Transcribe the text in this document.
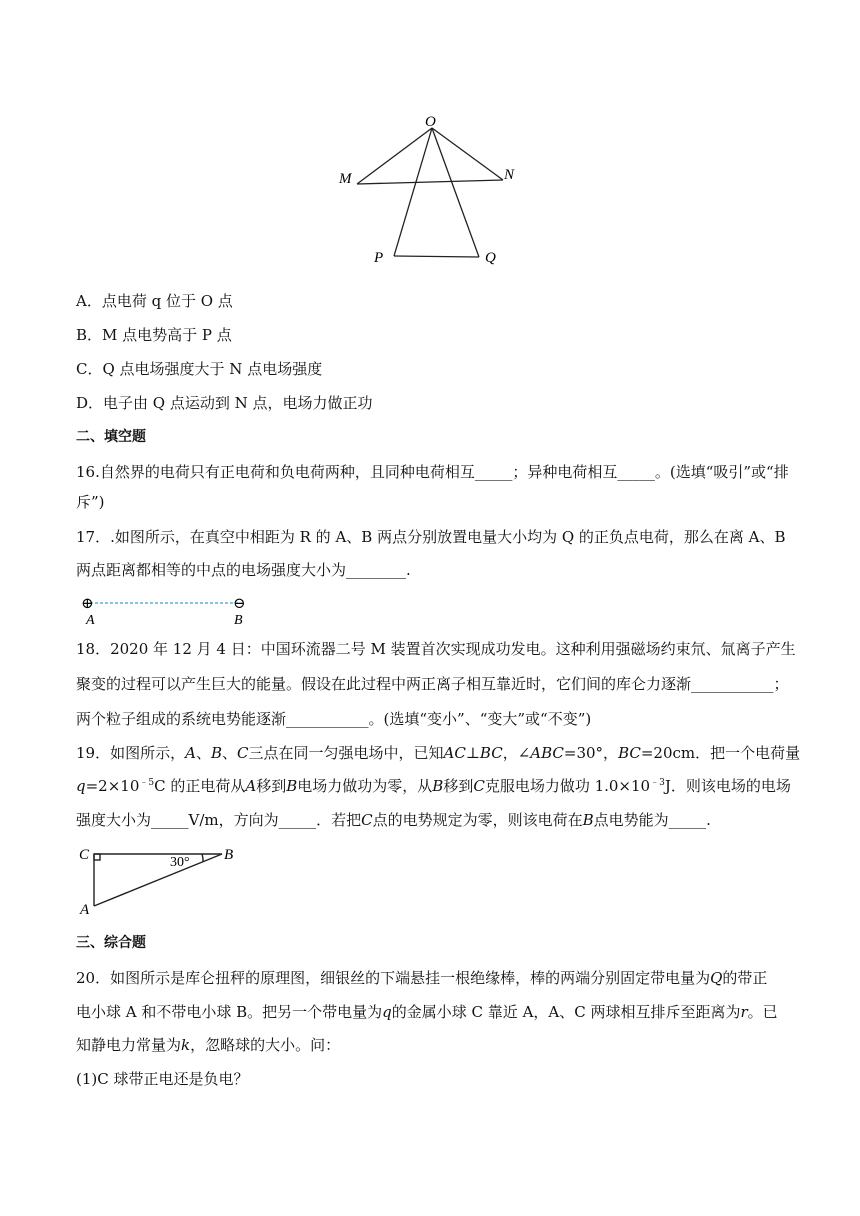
O
M	N
P	Q
A．点电荷 q 位于 O 点
B．M 点电势高于 P 点
C．Q 点电场强度大于 N 点电场强度
D．电子由 Q 点运动到 N 点，电场力做正功
二、填空题
16.自然界的电荷只有正电荷和负电荷两种，且同种电荷相互_____；异种电荷相互_____。(选填“吸引”或“排
斥”)
17．.如图所示，在真空中相距为 R 的 A、B 两点分别放置电量大小均为 Q 的正负点电荷，那么在离 A、B
两点距离都相等的中点的电场强度大小为________.
⊕	⊖
A	B
18．2020 年 12 月 4 日：中国环流器二号 M 装置首次实现成功发电。这种利用强磁场约束氘、氚离子产生
聚变的过程可以产生巨大的能量。假设在此过程中两正离子相互靠近时，它们间的库仑力逐渐___________；
两个粒子组成的系统电势能逐渐___________。(选填“变小”、“变大”或“不变”)
19．如图所示，A、B、C三点在同一匀强电场中，已知AC⊥BC，∠ABC=30°，BC=20cm．把一个电荷量
$q=2\times 10^{﹣5}C$ 的正电荷从A移到B电场力做功为零，从B移到C克服电场力做功 $1.0\times 10^{﹣3}J$．则该电场的电场
强度大小为_____V/m，方向为_____．若把C点的电势规定为零，则该电荷在B点电势能为_____.
C	B
A
30°
三、综合题
20．如图所示是库仑扭秤的原理图，细银丝的下端悬挂一根绝缘棒，棒的两端分别固定带电量为Q的带正
电小球 A 和不带电小球 B。把另一个带电量为q的金属小球 C 靠近 A，A、C 两球相互排斥至距离为r。已
知静电力常量为k，忽略球的大小。问：
(1)C 球带正电还是负电？
